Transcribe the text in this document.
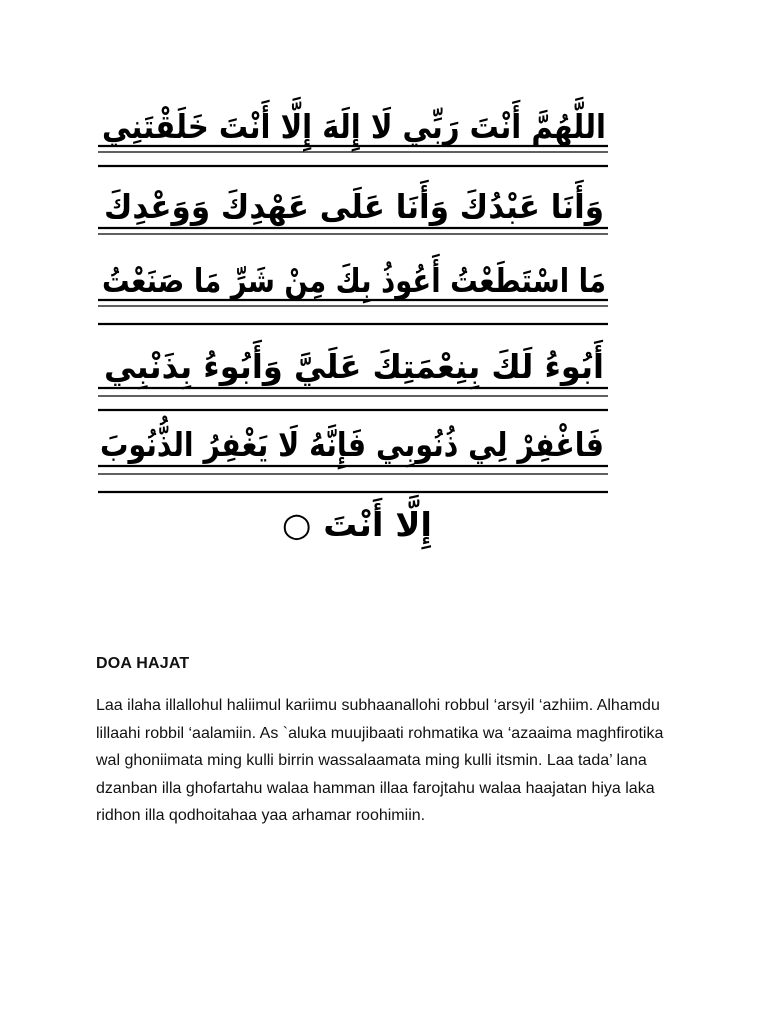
اللَّهُمَّ أَنْتَ رَبِّي لَا إِلَهَ إِلَّا أَنْتَ خَلَقْتَنِي
وَأَنَا عَبْدُكَ وَأَنَا عَلَى عَهْدِكَ وَوَعْدِكَ
مَا اسْتَطَعْتُ أَعُوذُ بِكَ مِنْ شَرِّ مَا صَنَعْتُ
أَبُوءُ لَكَ بِنِعْمَتِكَ عَلَيَّ وَأَبُوءُ بِذَنْبِي
فَاغْفِرْ لِي ذُنُوبِي فَإِنَّهُ لَا يَغْفِرُ الذُّنُوبَ
إِلَّا أَنْتَ ○
DOA HAJAT

Laa ilaha illallohul haliimul kariimu subhaanallohi robbul ‘arsyil ‘azhiim. Alhamdu lillaahi robbil ‘aalamiin. As `aluka muujibaati rohmatika wa ‘azaaima maghfirotika wal ghoniimata ming kulli birrin wassalaamata ming kulli itsmin. Laa tada’ lana dzanban illa ghofartahu walaa hamman illaa farojtahu walaa haajatan hiya laka ridhon illa qodhoitahaa yaa arhamar roohimiin.
